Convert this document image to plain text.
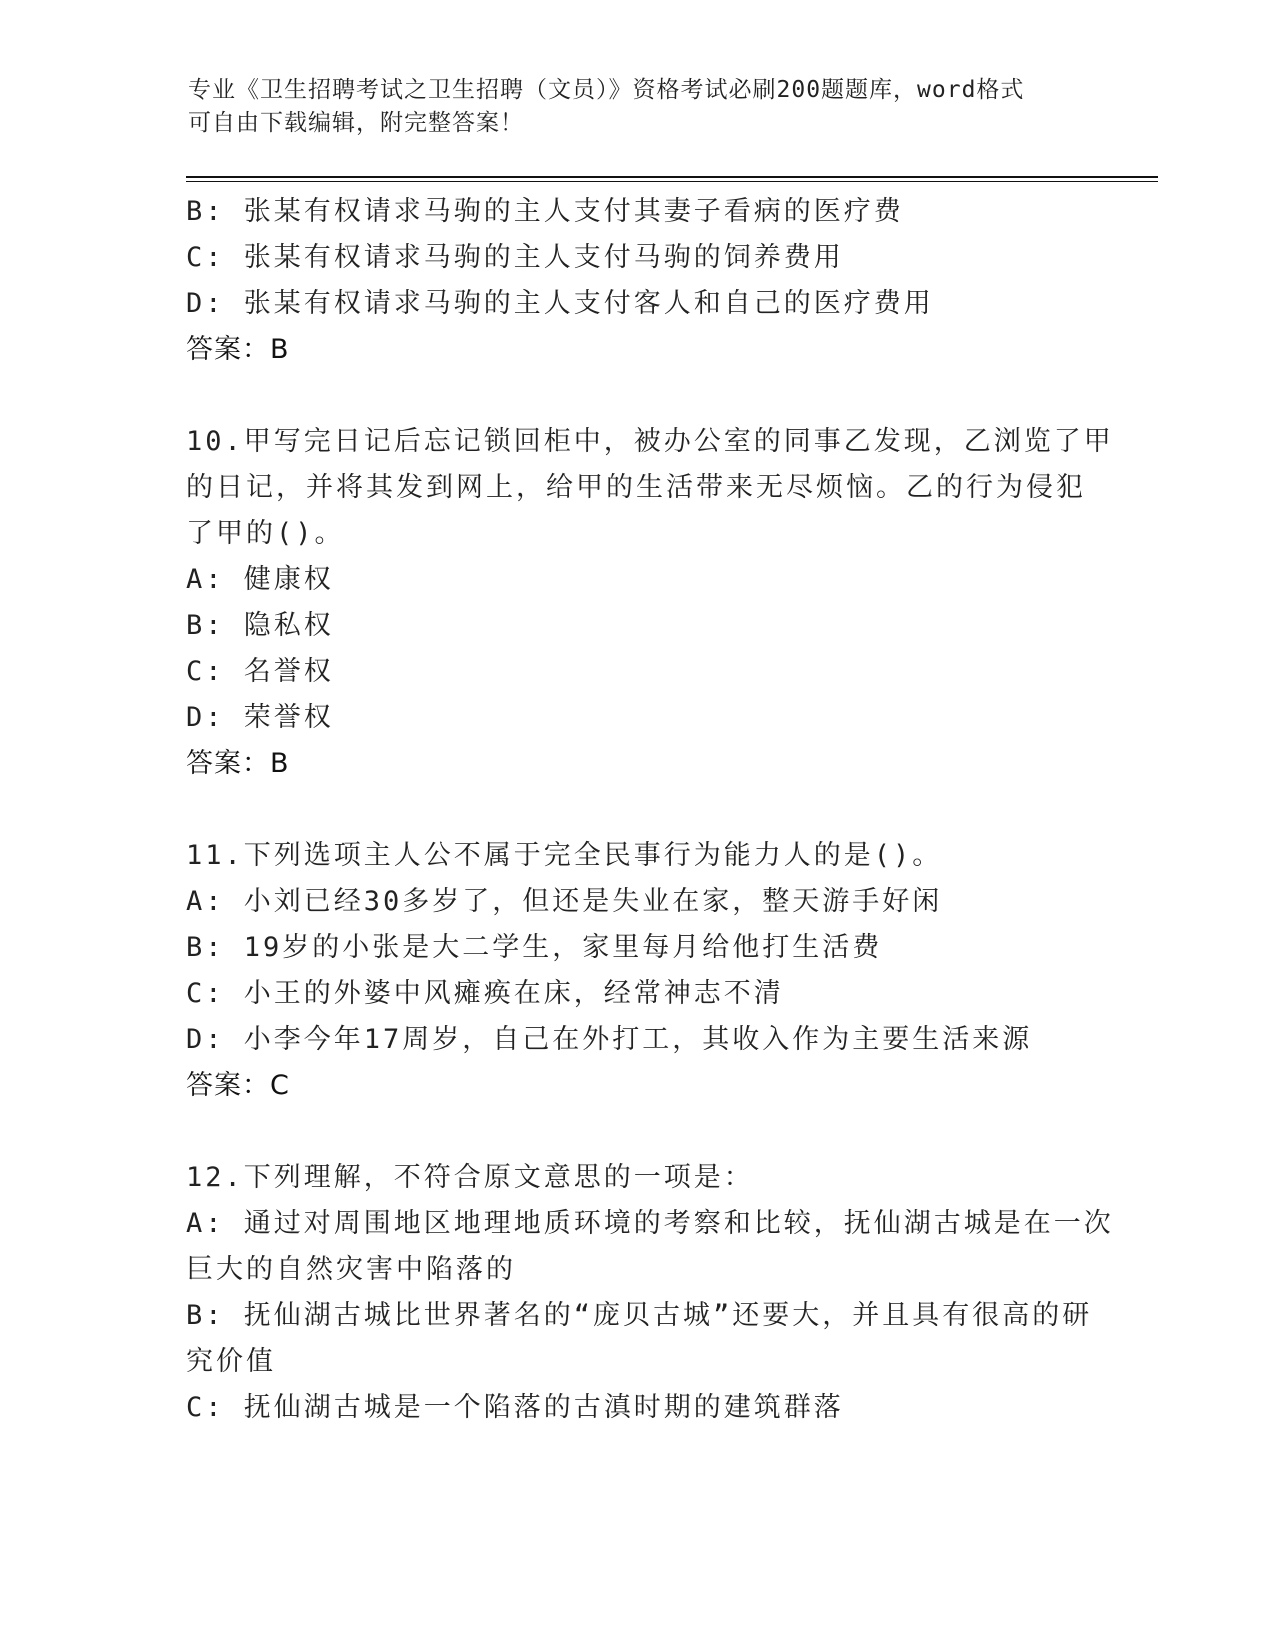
专业《卫生招聘考试之卫生招聘（文员）》资格考试必刷200题题库，word格式
可自由下载编辑，附完整答案！
B: 张某有权请求马驹的主人支付其妻子看病的医疗费
C: 张某有权请求马驹的主人支付马驹的饲养费用
D: 张某有权请求马驹的主人支付客人和自己的医疗费用
答案：B
10.甲写完日记后忘记锁回柜中，被办公室的同事乙发现，乙浏览了甲
的日记，并将其发到网上，给甲的生活带来无尽烦恼。乙的行为侵犯
了甲的()。
A: 健康权
B: 隐私权
C: 名誉权
D: 荣誉权
答案：B
11.下列选项主人公不属于完全民事行为能力人的是()。
A: 小刘已经30多岁了，但还是失业在家，整天游手好闲
B: 19岁的小张是大二学生，家里每月给他打生活费
C: 小王的外婆中风瘫痪在床，经常神志不清
D: 小李今年17周岁，自己在外打工，其收入作为主要生活来源
答案：C
12.下列理解，不符合原文意思的一项是：
A: 通过对周围地区地理地质环境的考察和比较，抚仙湖古城是在一次
巨大的自然灾害中陷落的
B: 抚仙湖古城比世界著名的“庞贝古城”还要大，并且具有很高的研
究价值
C: 抚仙湖古城是一个陷落的古滇时期的建筑群落
